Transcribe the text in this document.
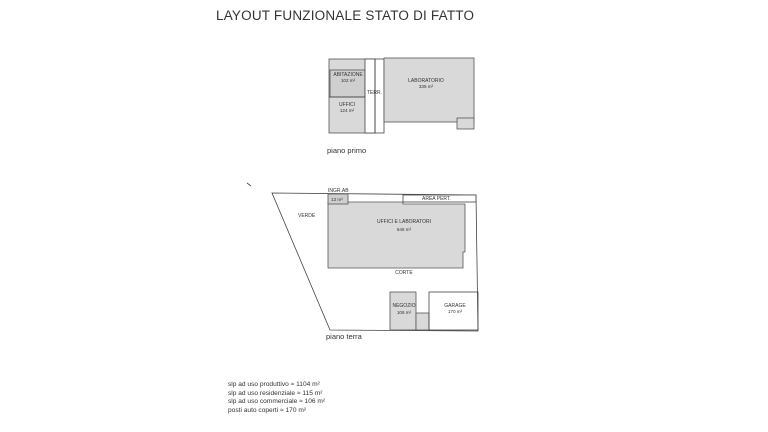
LAYOUT FUNZIONALE STATO DI FATTO
ABITAZIONE
102 m²
UFFICI
124 m²
TERR.
LABORATORIO
335 m²
INGR.AB
13 m²	AREA PERT.
VERDE
UFFICI E LABORATORI
646 m²
CORTE
NEGOZIO
106 m²
GARAGE
170 m²
piano primo
piano terra
slp ad uso produttivo ≈ 1104 m²
slp ad uso residenziale ≈ 115 m²
slp ad uso commerciale ≈ 106 m²
posti auto coperti ≈ 170 m²
